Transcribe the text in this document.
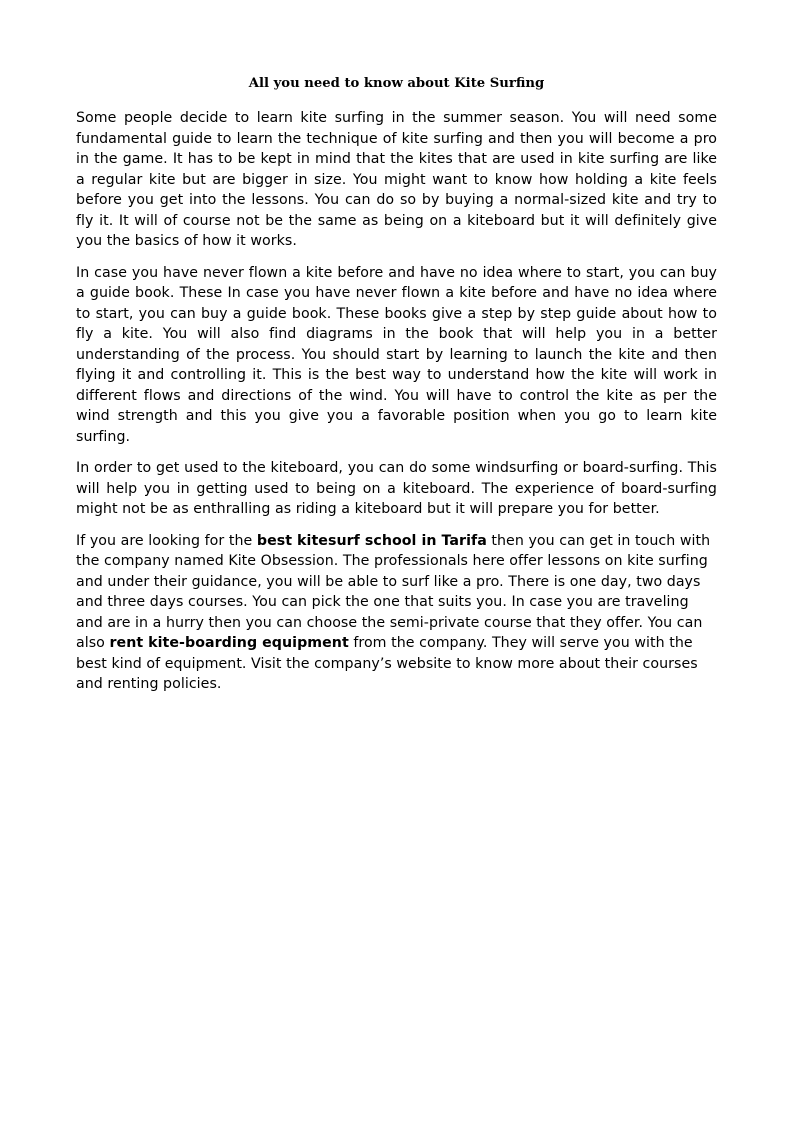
All you need to know about Kite Surfing

Some people decide to learn kite surfing in the summer season. You will need some fundamental guide to learn the technique of kite surfing and then you will become a pro in the game. It has to be kept in mind that the kites that are used in kite surfing are like a regular kite but are bigger in size. You might want to know how holding a kite feels before you get into the lessons. You can do so by buying a normal-sized kite and try to fly it. It will of course not be the same as being on a kiteboard but it will definitely give you the basics of how it works.

In case you have never flown a kite before and have no idea where to start, you can buy a guide book. These In case you have never flown a kite before and have no idea where to start, you can buy a guide book. These books give a step by step guide about how to fly a kite. You will also find diagrams in the book that will help you in a better understanding of the process. You should start by learning to launch the kite and then flying it and controlling it. This is the best way to understand how the kite will work in different flows and directions of the wind. You will have to control the kite as per the wind strength and this you give you a favorable position when you go to learn kite surfing.

In order to get used to the kiteboard, you can do some windsurfing or board-surfing. This will help you in getting used to being on a kiteboard. The experience of board-surfing might not be as enthralling as riding a kiteboard but it will prepare you for better.

If you are looking for the best kitesurf school in Tarifa then you can get in touch with the company named Kite Obsession. The professionals here offer lessons on kite surfing and under their guidance, you will be able to surf like a pro. There is one day, two days and three days courses. You can pick the one that suits you. In case you are traveling and are in a hurry then you can choose the semi-private course that they offer. You can also rent kite-boarding equipment from the company. They will serve you with the best kind of equipment. Visit the company’s website to know more about their courses and renting policies.
